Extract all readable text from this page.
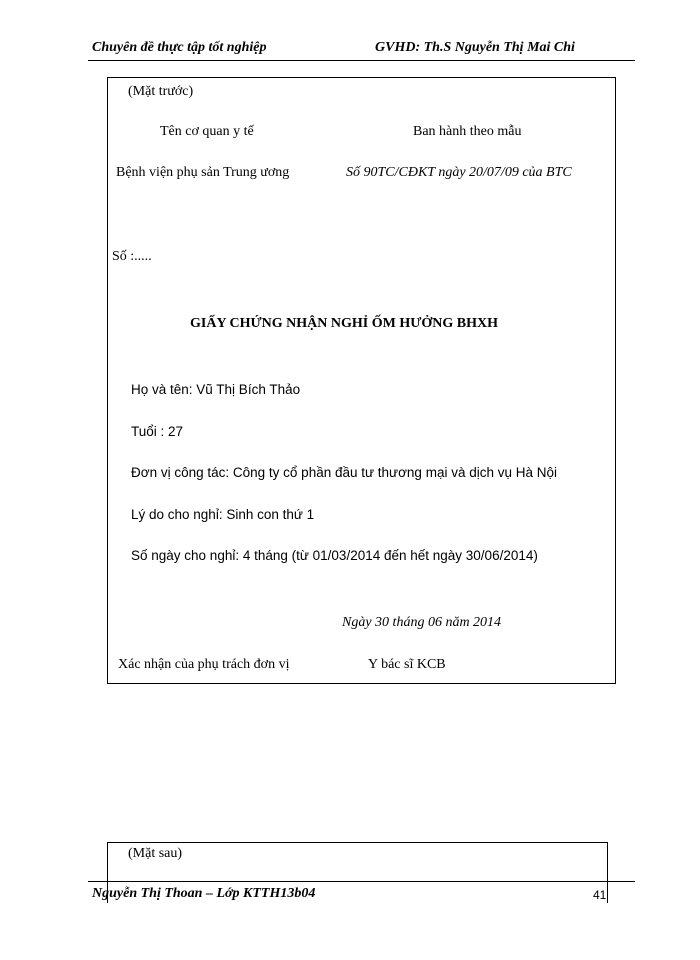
Chuyên đề thực tập tốt nghiệp	GVHD: Th.S Nguyễn Thị Mai Chi
(Mặt trước)
Tên cơ quan y tế	Ban hành theo mẫu
Bệnh viện phụ sản Trung ương	Số 90TC/CĐKT ngày 20/07/09 của BTC
Số :.....
GIẤY CHỨNG NHẬN NGHỈ ỐM HƯỞNG BHXH
Họ và tên: Vũ Thị Bích Thảo
Tuổi : 27
Đơn vị công tác: Công ty cổ phần đầu tư thương mại và dịch vụ Hà Nội
Lý do cho nghỉ: Sinh con thứ 1
Số ngày cho nghỉ: 4 tháng (từ 01/03/2014 đến hết ngày 30/06/2014)
Ngày 30 tháng 06 năm 2014
Xác nhận của phụ trách đơn vị	Y bác sĩ KCB
(Mặt sau)
Nguyễn Thị Thoan – Lớp KTTH13b04	41
